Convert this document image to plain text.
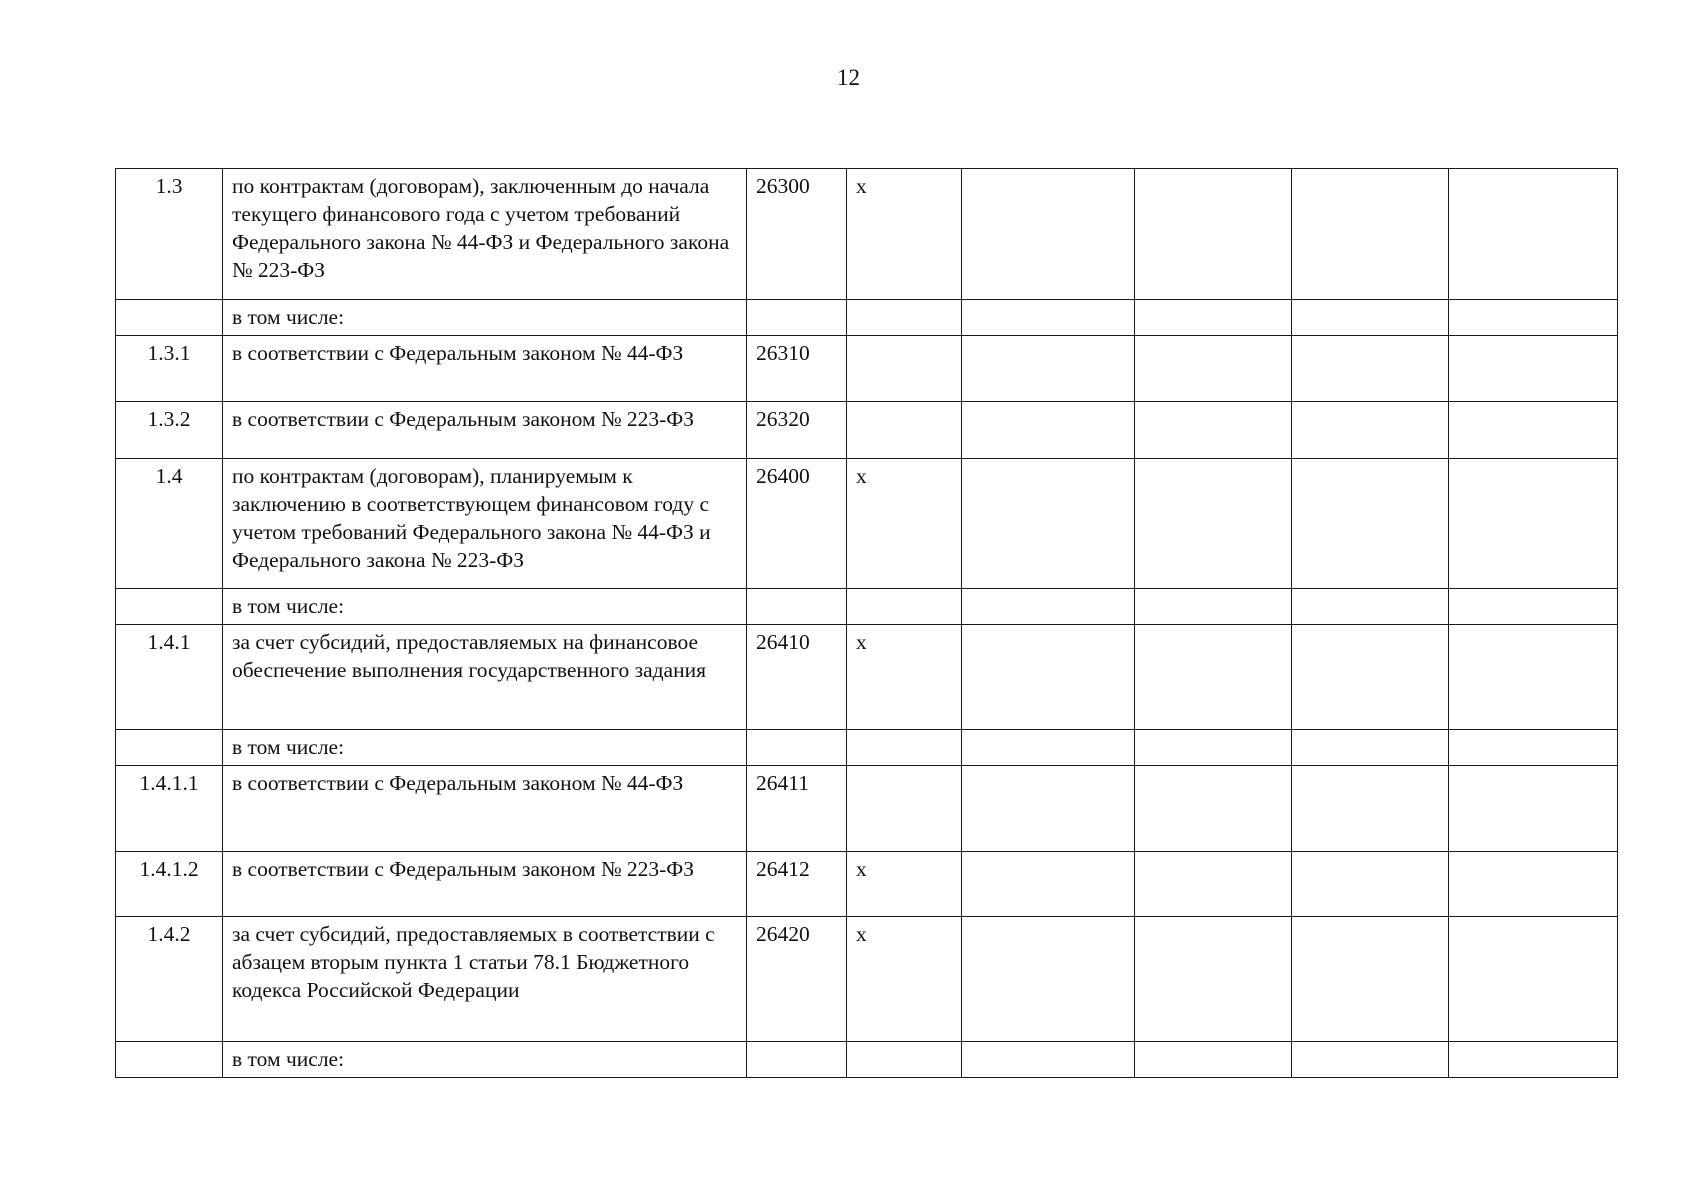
12
1.3	по контрактам (договорам), заключенным до начала текущего финансового года с учетом требований Федерального закона № 44-ФЗ и Федерального закона № 223-ФЗ	26300	х				
	в том числе:						
1.3.1	в соответствии с Федеральным законом № 44-ФЗ	26310					
1.3.2	в соответствии с Федеральным законом № 223-ФЗ	26320					
1.4	по контрактам (договорам), планируемым к заключению в соответствующем финансовом году с учетом требований Федерального закона № 44-ФЗ и Федерального закона № 223-ФЗ	26400	х				
	в том числе:						
1.4.1	за счет субсидий, предоставляемых на финансовое обеспечение выполнения государственного задания	26410	х				
	в том числе:						
1.4.1.1	в соответствии с Федеральным законом № 44-ФЗ	26411					
1.4.1.2	в соответствии с Федеральным законом № 223-ФЗ	26412	х				
1.4.2	за счет субсидий, предоставляемых в соответствии с абзацем вторым пункта 1 статьи 78.1 Бюджетного кодекса Российской Федерации	26420	х				
	в том числе:						
